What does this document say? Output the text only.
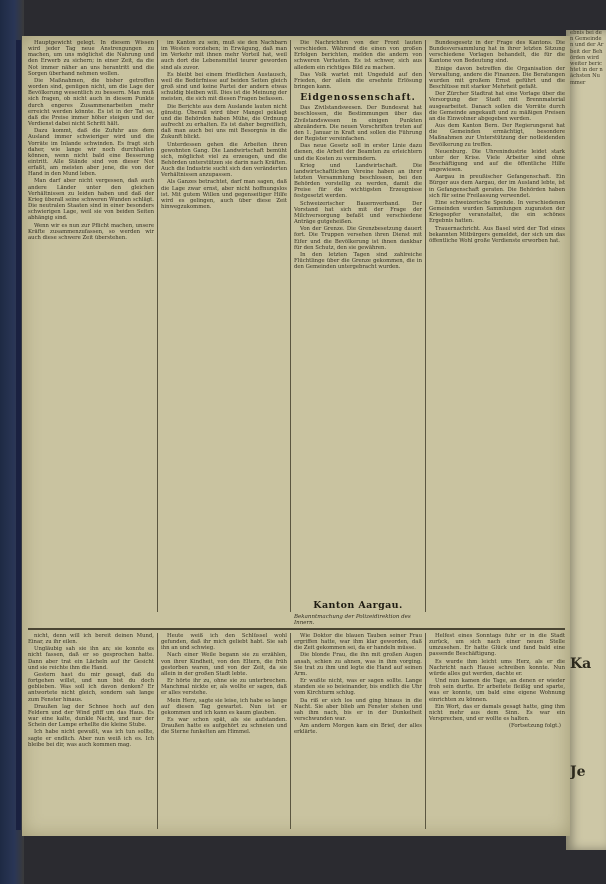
ebnis bei den Gemeinden und der Arbeit der Behörden wird weiter berichtet in der nächsten Nummer
Ka
Je

Hauptgewicht gelegt. In diesem Wissen wird jeder Tag neue Anstrengungen zu machen, um uns möglichst die Nahrung und den Erwerb zu sichern; in einer Zeit, da die Not immer näher an uns herantritt und die Sorgen überhand nehmen wollen.

Die Maßnahmen, die bisher getroffen worden sind, genügen nicht, um die Lage der Bevölkerung wesentlich zu bessern. Man muß sich fragen, ob nicht auch in diesem Punkte durch engeres Zusammenarbeiten mehr erreicht werden könnte. Es ist in der Tat so, daß die Preise immer höher steigen und der Verdienst dabei nicht Schritt hält.

Dazu kommt, daß die Zufuhr aus dem Ausland immer schwieriger wird und die Vorräte im Inlande schwinden. Es fragt sich daher, wie lange wir noch durchhalten können, wenn nicht bald eine Besserung eintritt. Alle Stände sind von dieser Not erfaßt, am meisten aber jene, die von der Hand in den Mund leben.

Man darf aber nicht vergessen, daß auch andere Länder unter den gleichen Verhältnissen zu leiden haben und daß der Krieg überall seine schweren Wunden schlägt. Die neutralen Staaten sind in einer besonders schwierigen Lage, weil sie von beiden Seiten abhängig sind.

Wenn wir es nun zur Pflicht machen, unsere Kräfte zusammenzufassen, so werden wir auch diese schwere Zeit überstehen.

im Kanton zu sein, muß sie den Nachbarn im Westen vorziehen; in Erwägung, daß man im Verkehr mit ihnen mehr Vorteil hat, weil auch dort die Lebensmittel teurer geworden sind als zuvor.

Es bleibt bei einem friedlichen Austausch, weil die Bedürfnisse auf beiden Seiten gleich groß sind und keine Partei der andern etwas schuldig bleiben will. Dies ist die Meinung der meisten, die sich mit diesen Fragen befassen.

Die Berichte aus dem Auslande lauten nicht günstig. Überall wird über Mangel geklagt und die Behörden haben Mühe, die Ordnung aufrecht zu erhalten. Es ist daher begreiflich, daß man auch bei uns mit Besorgnis in die Zukunft blickt.

Unterdessen gehen die Arbeiten ihren gewohnten Gang. Die Landwirtschaft bemüht sich, möglichst viel zu erzeugen, und die Behörden unterstützen sie darin nach Kräften. Auch die Industrie sucht sich den veränderten Verhältnissen anzupassen.

Als Ganzes betrachtet, darf man sagen, daß die Lage zwar ernst, aber nicht hoffnungslos ist. Mit gutem Willen und gegenseitiger Hilfe wird es gelingen, auch über diese Zeit hinwegzukommen.

Die Nachrichten von der Front lauten verschieden. Während die einen von großen Erfolgen berichten, melden die andern von schweren Verlusten. Es ist schwer, sich aus alledem ein richtiges Bild zu machen.

Das Volk wartet mit Ungeduld auf den Frieden, der allein die ersehnte Erlösung bringen kann.

Eidgenossenschaft.

Das Zivilstandswesen. Der Bundesrat hat beschlossen, die Bestimmungen über das Zivilstandswesen in einigen Punkten abzuändern. Die neuen Vorschriften treten auf den 1. Januar in Kraft und sollen die Führung der Register vereinfachen.

Das neue Gesetz soll in erster Linie dazu dienen, die Arbeit der Beamten zu erleichtern und die Kosten zu vermindern.

Krieg und Landwirtschaft. Die landwirtschaftlichen Vereine haben an ihrer letzten Versammlung beschlossen, bei den Behörden vorstellig zu werden, damit die Preise für die wichtigsten Erzeugnisse festgesetzt werden.

Schweizerischer Bauernverband. Der Vorstand hat sich mit der Frage der Milchversorgung befaßt und verschiedene Anträge gutgeheißen.

Von der Grenze. Die Grenzbesetzung dauert fort. Die Truppen versehen ihren Dienst mit Eifer und die Bevölkerung ist ihnen dankbar für den Schutz, den sie gewähren.

In den letzten Tagen sind zahlreiche Flüchtlinge über die Grenze gekommen, die in den Gemeinden untergebracht wurden.

Kanton Aargau.
Bekanntmachung der Polizeidirektion des Innern.

Bundesgesetz in der Frage des Kantons. Die Bundesversammlung hat in ihrer letzten Sitzung verschiedene Vorlagen behandelt, die für die Kantone von Bedeutung sind.

Einige davon betreffen die Organisation der Verwaltung, andere die Finanzen. Die Beratungen wurden mit großem Ernst geführt und die Beschlüsse mit starker Mehrheit gefaßt.

Der Zürcher Stadtrat hat eine Vorlage über die Versorgung der Stadt mit Brennmaterial ausgearbeitet. Danach sollen die Vorräte durch die Gemeinde angekauft und zu mäßigen Preisen an die Einwohner abgegeben werden.

Aus dem Kanton Bern. Der Regierungsrat hat die Gemeinden ermächtigt, besondere Maßnahmen zur Unterstützung der notleidenden Bevölkerung zu treffen.

Neuenburg. Die Uhrenindustrie leidet stark unter der Krise. Viele Arbeiter sind ohne Beschäftigung und auf die öffentliche Hilfe angewiesen.

Aargau in preußischer Gefangenschaft. Ein Bürger aus dem Aargau, der im Ausland lebte, ist in Gefangenschaft geraten. Die Behörden haben sich für seine Freilassung verwendet.

Eine schweizerische Spende. In verschiedenen Gemeinden wurden Sammlungen zugunsten der Kriegsopfer veranstaltet, die ein schönes Ergebnis hatten.

Trauernachricht. Aus Basel wird der Tod eines bekannten Mitbürgers gemeldet, der sich um das öffentliche Wohl große Verdienste erworben hat.

nicht, denn will ich bereit deinen Mund, Einar, zu ihr eilen.

Ungläubig sah sie ihn an; sie konnte es nicht fassen, daß er so gesprochen hatte. Dann aber trat ein Lächeln auf ihr Gesicht und sie reichte ihm die Hand.

Gestern hast du mir gesagt, daß du fortgehen willst, und nun bist du doch geblieben. Was soll ich davon denken? Er antwortete nicht gleich, sondern sah lange zum Fenster hinaus.

Draußen lag der Schnee hoch auf den Feldern und der Wind pfiff um das Haus. Es war eine kalte, dunkle Nacht, und nur der Schein der Lampe erhellte die kleine Stube.

Ich habe nicht gewußt, was ich tun sollte, sagte er endlich. Aber nun weiß ich es. Ich bleibe bei dir, was auch kommen mag.

Heute weiß ich den Schlüssel wohl gefunden, daß ihr mich geliebt habt. Sie sah ihn an und schwieg.

Nach einer Weile begann sie zu erzählen, von ihrer Kindheit, von den Eltern, die früh gestorben waren, und von der Zeit, da sie allein in der großen Stadt lebte.

Er hörte ihr zu, ohne sie zu unterbrechen. Manchmal nickte er, als wollte er sagen, daß er alles verstehe.

Mein Herz, sagte sie leise, ich habe so lange auf diesen Tag gewartet. Nun ist er gekommen und ich kann es kaum glauben.

Es war schon spät, als sie aufstanden. Draußen hatte es aufgehört zu schneien und die Sterne funkelten am Himmel.

Wie Doktor die blauen Tauben seiner Frau ergriffen hatte, war ihm klar geworden, daß die Zeit gekommen sei, da er handeln müsse.

Die blonde Frau, die ihn mit großen Augen ansah, schien zu ahnen, was in ihm vorging. Sie trat zu ihm und legte die Hand auf seinen Arm.

Er wußte nicht, was er sagen sollte. Lange standen sie so beieinander, bis endlich die Uhr vom Kirchturm schlug.

Da riß er sich los und ging hinaus in die Nacht. Sie aber blieb am Fenster stehen und sah ihm nach, bis er in der Dunkelheit verschwunden war.

Am andern Morgen kam ein Brief, der alles erklärte.

Helfest eines Sonntags fuhr er in die Stadt zurück, um sich nach einer neuen Stelle umzusehen. Er hatte Glück und fand bald eine passende Beschäftigung.

Es wurde ihm leicht ums Herz, als er die Nachricht nach Hause schreiben konnte. Nun würde alles gut werden, dachte er.

Und nun kamen die Tage, an denen er wieder froh sein durfte. Er arbeitete fleißig und sparte, was er konnte, um bald eine eigene Wohnung einrichten zu können.

Ein Wort, das er damals gesagt hatte, ging ihm nicht mehr aus dem Sinn. Es war ein Versprechen, und er wollte es halten.

(Fortsetzung folgt.)
